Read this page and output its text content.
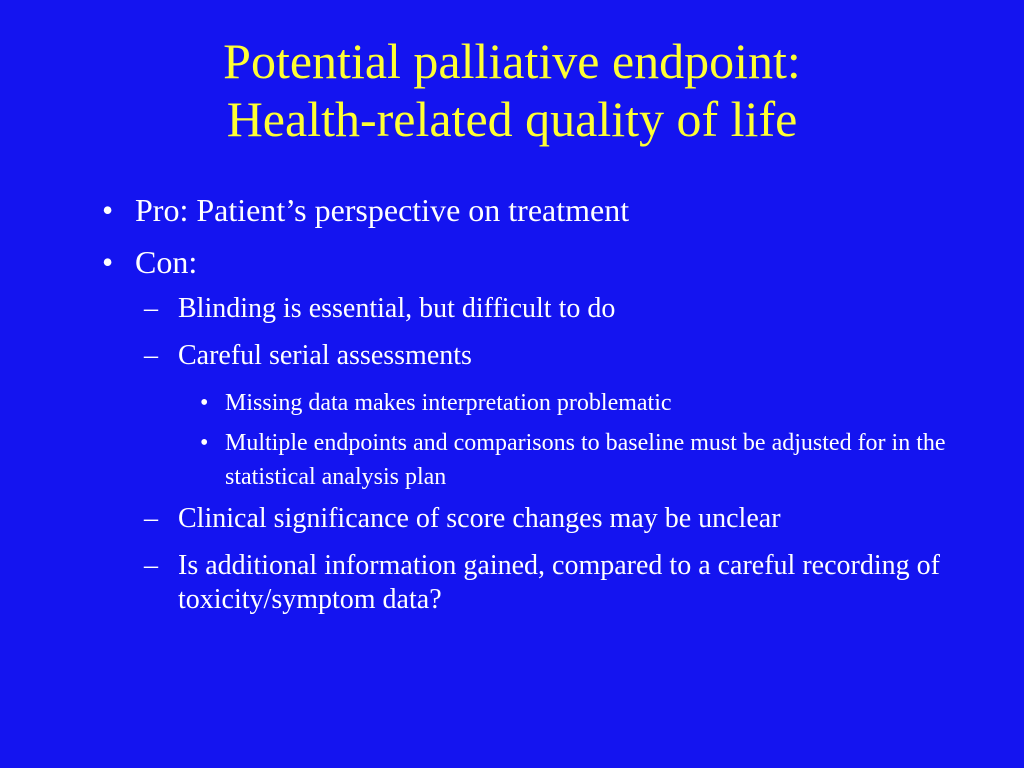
Potential palliative endpoint:
Health-related quality of life
• Pro: Patient’s perspective on treatment
• Con:
– Blinding is essential, but difficult to do
– Careful serial assessments
• Missing data makes interpretation problematic
• Multiple endpoints and comparisons to baseline must be adjusted for in the statistical analysis plan
– Clinical significance of score changes may be unclear
– Is additional information gained, compared to a careful recording of toxicity/symptom data?
